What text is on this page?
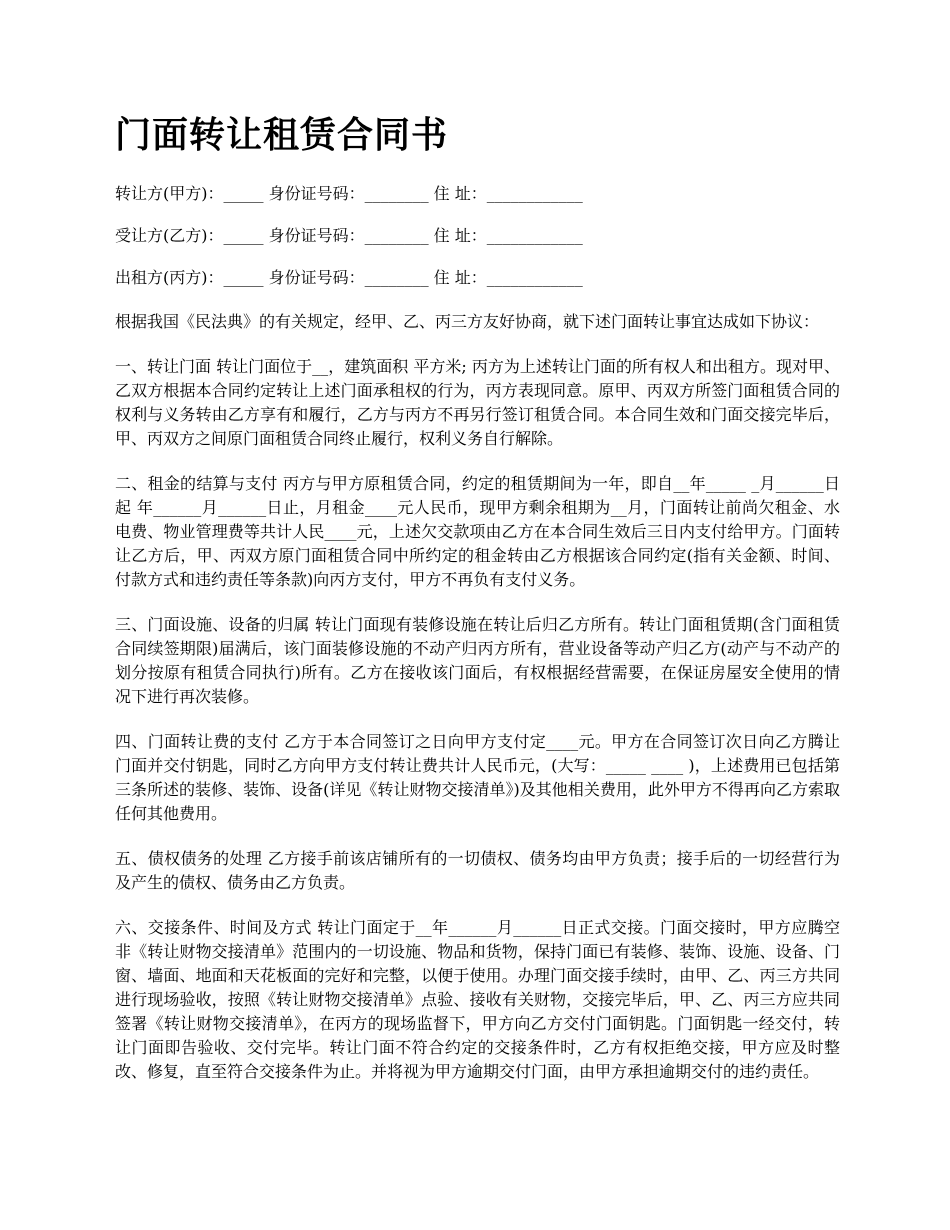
门面转让租赁合同书
转让方(甲方)：_____ 身份证号码：________ 住 址：____________
受让方(乙方)：_____ 身份证号码：________ 住 址：____________
出租方(丙方)：_____ 身份证号码：________ 住 址：____________

根据我国《民法典》的有关规定，经甲、乙、丙三方友好协商，就下述门面转让事宜达成如下协议：

一、转让门面 转让门面位于__，建筑面积 平方米; 丙方为上述转让门面的所有权人和出租方。现对甲、乙双方根据本合同约定转让上述门面承租权的行为，丙方表现同意。原甲、丙双方所签门面租赁合同的权利与义务转由乙方享有和履行，乙方与丙方不再另行签订租赁合同。本合同生效和门面交接完毕后，甲、丙双方之间原门面租赁合同终止履行，权利义务自行解除。

二、租金的结算与支付 丙方与甲方原租赁合同，约定的租赁期间为一年，即自__年_____ _月______日起 年______月______日止，月租金____元人民币，现甲方剩余租期为__月，门面转让前尚欠租金、水电费、物业管理费等共计人民____元，上述欠交款项由乙方在本合同生效后三日内支付给甲方。门面转让乙方后，甲、丙双方原门面租赁合同中所约定的租金转由乙方根据该合同约定(指有关金额、时间、付款方式和违约责任等条款)向丙方支付，甲方不再负有支付义务。

三、门面设施、设备的归属 转让门面现有装修设施在转让后归乙方所有。转让门面租赁期(含门面租赁合同续签期限)届满后，该门面装修设施的不动产归丙方所有，营业设备等动产归乙方(动产与不动产的划分按原有租赁合同执行)所有。乙方在接收该门面后，有权根据经营需要，在保证房屋安全使用的情况下进行再次装修。

四、门面转让费的支付 乙方于本合同签订之日向甲方支付定____元。甲方在合同签订次日向乙方腾让门面并交付钥匙，同时乙方向甲方支付转让费共计人民币元，(大写：_____ ____ )，上述费用已包括第三条所述的装修、装饰、设备(详见《转让财物交接清单》)及其他相关费用，此外甲方不得再向乙方索取任何其他费用。

五、债权债务的处理 乙方接手前该店铺所有的一切债权、债务均由甲方负责；接手后的一切经营行为及产生的债权、债务由乙方负责。

六、交接条件、时间及方式 转让门面定于__年______月______日正式交接。门面交接时，甲方应腾空非《转让财物交接清单》范围内的一切设施、物品和货物，保持门面已有装修、装饰、设施、设备、门窗、墙面、地面和天花板面的完好和完整，以便于使用。办理门面交接手续时，由甲、乙、丙三方共同进行现场验收，按照《转让财物交接清单》点验、接收有关财物，交接完毕后，甲、乙、丙三方应共同签署《转让财物交接清单》，在丙方的现场监督下，甲方向乙方交付门面钥匙。门面钥匙一经交付，转让门面即告验收、交付完毕。转让门面不符合约定的交接条件时，乙方有权拒绝交接，甲方应及时整改、修复，直至符合交接条件为止。并将视为甲方逾期交付门面，由甲方承担逾期交付的违约责任。
